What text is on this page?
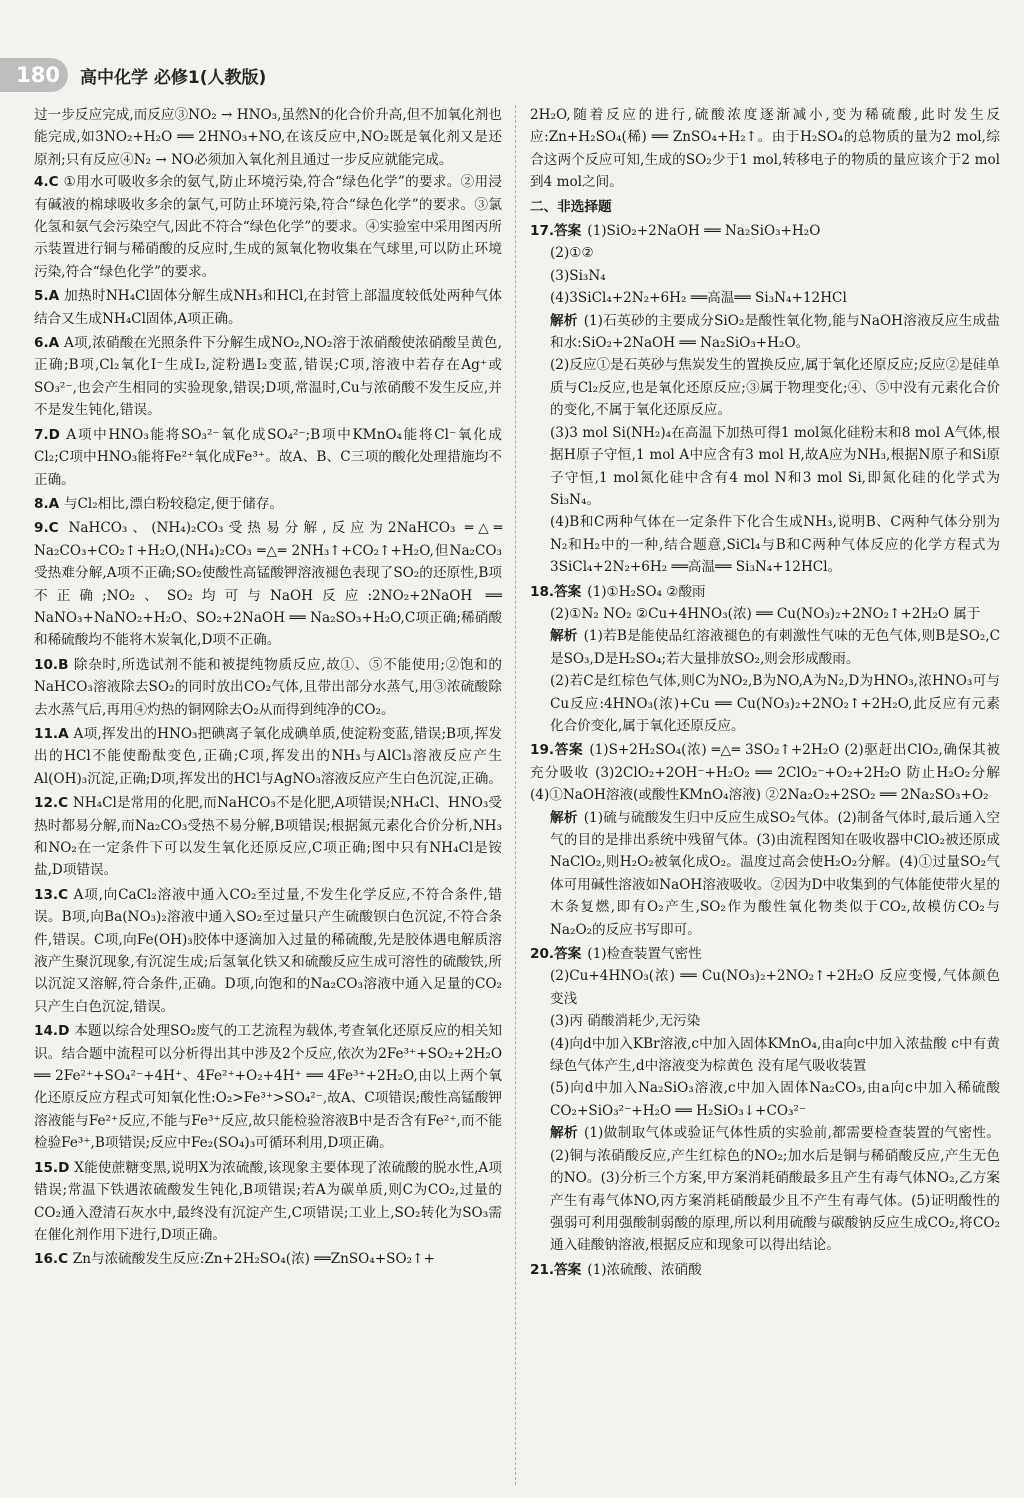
180	高中化学 必修1(人教版)
过一步反应完成,而反应③NO₂ → HNO₃,虽然N的化合价升高,但不加氧化剂也能完成,如3NO₂+H₂O ══ 2HNO₃+NO,在该反应中,NO₂既是氧化剂又是还原剂;只有反应④N₂ → NO必须加入氧化剂且通过一步反应就能完成。
4.C ①用水可吸收多余的氨气,防止环境污染,符合“绿色化学”的要求。②用浸有碱液的棉球吸收多余的氯气,可防止环境污染,符合“绿色化学”的要求。③氯化氢和氨气会污染空气,因此不符合“绿色化学”的要求。④实验室中采用图丙所示装置进行铜与稀硝酸的反应时,生成的氮氧化物收集在气球里,可以防止环境污染,符合“绿色化学”的要求。
5.A 加热时NH₄Cl固体分解生成NH₃和HCl,在封管上部温度较低处两种气体结合又生成NH₄Cl固体,A项正确。
6.A A项,浓硝酸在光照条件下分解生成NO₂,NO₂溶于浓硝酸使浓硝酸呈黄色,正确;B项,Cl₂氧化I⁻生成I₂,淀粉遇I₂变蓝,错误;C项,溶液中若存在Ag⁺或SO₃²⁻,也会产生相同的实验现象,错误;D项,常温时,Cu与浓硝酸不发生反应,并不是发生钝化,错误。
7.D A项中HNO₃能将SO₃²⁻氧化成SO₄²⁻;B项中KMnO₄能将Cl⁻氧化成Cl₂;C项中HNO₃能将Fe²⁺氧化成Fe³⁺。故A、B、C三项的酸化处理措施均不正确。
8.A 与Cl₂相比,漂白粉较稳定,便于储存。
9.C NaHCO₃、(NH₄)₂CO₃受热易分解,反应为2NaHCO₃ ═△═ Na₂CO₃+CO₂↑+H₂O,(NH₄)₂CO₃ ═△═ 2NH₃↑+CO₂↑+H₂O,但Na₂CO₃受热难分解,A项不正确;SO₂使酸性高锰酸钾溶液褪色表现了SO₂的还原性,B项不正确;NO₂、SO₂均可与NaOH反应:2NO₂+2NaOH ══ NaNO₃+NaNO₂+H₂O、SO₂+2NaOH ══ Na₂SO₃+H₂O,C项正确;稀硝酸和稀硫酸均不能将木炭氧化,D项不正确。
10.B 除杂时,所选试剂不能和被提纯物质反应,故①、⑤不能使用;②饱和的NaHCO₃溶液除去SO₂的同时放出CO₂气体,且带出部分水蒸气,用③浓硫酸除去水蒸气后,再用④灼热的铜网除去O₂从而得到纯净的CO₂。
11.A A项,挥发出的HNO₃把碘离子氧化成碘单质,使淀粉变蓝,错误;B项,挥发出的HCl不能使酚酞变色,正确;C项,挥发出的NH₃与AlCl₃溶液反应产生Al(OH)₃沉淀,正确;D项,挥发出的HCl与AgNO₃溶液反应产生白色沉淀,正确。
12.C NH₄Cl是常用的化肥,而NaHCO₃不是化肥,A项错误;NH₄Cl、HNO₃受热时都易分解,而Na₂CO₃受热不易分解,B项错误;根据氮元素化合价分析,NH₃和NO₂在一定条件下可以发生氧化还原反应,C项正确;图中只有NH₄Cl是铵盐,D项错误。
13.C A项,向CaCl₂溶液中通入CO₂至过量,不发生化学反应,不符合条件,错误。B项,向Ba(NO₃)₂溶液中通入SO₂至过量只产生硫酸钡白色沉淀,不符合条件,错误。C项,向Fe(OH)₃胶体中逐滴加入过量的稀硫酸,先是胶体遇电解质溶液产生聚沉现象,有沉淀生成;后氢氧化铁又和硫酸反应生成可溶性的硫酸铁,所以沉淀又溶解,符合条件,正确。D项,向饱和的Na₂CO₃溶液中通入足量的CO₂只产生白色沉淀,错误。
14.D 本题以综合处理SO₂废气的工艺流程为载体,考查氧化还原反应的相关知识。结合题中流程可以分析得出其中涉及2个反应,依次为2Fe³⁺+SO₂+2H₂O ══ 2Fe²⁺+SO₄²⁻+4H⁺、4Fe²⁺+O₂+4H⁺ ══ 4Fe³⁺+2H₂O,由以上两个氧化还原反应方程式可知氧化性:O₂>Fe³⁺>SO₄²⁻,故A、C项错误;酸性高锰酸钾溶液能与Fe²⁺反应,不能与Fe³⁺反应,故只能检验溶液B中是否含有Fe²⁺,而不能检验Fe³⁺,B项错误;反应中Fe₂(SO₄)₃可循环利用,D项正确。
15.D X能使蔗糖变黑,说明X为浓硫酸,该现象主要体现了浓硫酸的脱水性,A项错误;常温下铁遇浓硫酸发生钝化,B项错误;若A为碳单质,则C为CO₂,过量的CO₂通入澄清石灰水中,最终没有沉淀产生,C项错误;工业上,SO₂转化为SO₃需在催化剂作用下进行,D项正确。
16.C Zn与浓硫酸发生反应:Zn+2H₂SO₄(浓) ══ZnSO₄+SO₂↑+
2H₂O,随着反应的进行,硫酸浓度逐渐减小,变为稀硫酸,此时发生反应:Zn+H₂SO₄(稀) ══ ZnSO₄+H₂↑。由于H₂SO₄的总物质的量为2 mol,综合这两个反应可知,生成的SO₂少于1 mol,转移电子的物质的量应该介于2 mol到4 mol之间。
二、非选择题
17.答案 (1)SiO₂+2NaOH ══ Na₂SiO₃+H₂O
(2)①②
(3)Si₃N₄
(4)3SiCl₄+2N₂+6H₂ ══高温══ Si₃N₄+12HCl
解析 (1)石英砂的主要成分SiO₂是酸性氧化物,能与NaOH溶液反应生成盐和水:SiO₂+2NaOH ══ Na₂SiO₃+H₂O。
(2)反应①是石英砂与焦炭发生的置换反应,属于氧化还原反应;反应②是硅单质与Cl₂反应,也是氧化还原反应;③属于物理变化;④、⑤中没有元素化合价的变化,不属于氧化还原反应。
(3)3 mol Si(NH₂)₄在高温下加热可得1 mol氮化硅粉末和8 mol A气体,根据H原子守恒,1 mol A中应含有3 mol H,故A应为NH₃,根据N原子和Si原子守恒,1 mol氮化硅中含有4 mol N和3 mol Si,即氮化硅的化学式为Si₃N₄。
(4)B和C两种气体在一定条件下化合生成NH₃,说明B、C两种气体分别为N₂和H₂中的一种,结合题意,SiCl₄与B和C两种气体反应的化学方程式为3SiCl₄+2N₂+6H₂ ══高温══ Si₃N₄+12HCl。
18.答案 (1)①H₂SO₄ ②酸雨
(2)①N₂ NO₂ ②Cu+4HNO₃(浓) ══ Cu(NO₃)₂+2NO₂↑+2H₂O 属于
解析 (1)若B是能使品红溶液褪色的有刺激性气味的无色气体,则B是SO₂,C是SO₃,D是H₂SO₄;若大量排放SO₂,则会形成酸雨。
(2)若C是红棕色气体,则C为NO₂,B为NO,A为N₂,D为HNO₃,浓HNO₃可与Cu反应:4HNO₃(浓)+Cu ══ Cu(NO₃)₂+2NO₂↑+2H₂O,此反应有元素化合价变化,属于氧化还原反应。
19.答案 (1)S+2H₂SO₄(浓) ═△═ 3SO₂↑+2H₂O (2)驱赶出ClO₂,确保其被充分吸收 (3)2ClO₂+2OH⁻+H₂O₂ ══ 2ClO₂⁻+O₂+2H₂O 防止H₂O₂分解 (4)①NaOH溶液(或酸性KMnO₄溶液) ②2Na₂O₂+2SO₂ ══ 2Na₂SO₃+O₂
解析 (1)硫与硫酸发生归中反应生成SO₂气体。(2)制备气体时,最后通入空气的目的是排出系统中残留气体。(3)由流程图知在吸收器中ClO₂被还原成NaClO₂,则H₂O₂被氧化成O₂。温度过高会使H₂O₂分解。(4)①过量SO₂气体可用碱性溶液如NaOH溶液吸收。②因为D中收集到的气体能使带火星的木条复燃,即有O₂产生,SO₂作为酸性氧化物类似于CO₂,故模仿CO₂与Na₂O₂的反应书写即可。
20.答案 (1)检查装置气密性
(2)Cu+4HNO₃(浓) ══ Cu(NO₃)₂+2NO₂↑+2H₂O 反应变慢,气体颜色变浅
(3)丙 硝酸消耗少,无污染
(4)向d中加入KBr溶液,c中加入固体KMnO₄,由a向c中加入浓盐酸 c中有黄绿色气体产生,d中溶液变为棕黄色 没有尾气吸收装置
(5)向d中加入Na₂SiO₃溶液,c中加入固体Na₂CO₃,由a向c中加入稀硫酸 CO₂+SiO₃²⁻+H₂O ══ H₂SiO₃↓+CO₃²⁻
解析 (1)做制取气体或验证气体性质的实验前,都需要检查装置的气密性。(2)铜与浓硝酸反应,产生红棕色的NO₂;加水后是铜与稀硝酸反应,产生无色的NO。(3)分析三个方案,甲方案消耗硝酸最多且产生有毒气体NO₂,乙方案产生有毒气体NO,丙方案消耗硝酸最少且不产生有毒气体。(5)证明酸性的强弱可利用强酸制弱酸的原理,所以利用硫酸与碳酸钠反应生成CO₂,将CO₂通入硅酸钠溶液,根据反应和现象可以得出结论。
21.答案 (1)浓硫酸、浓硝酸
